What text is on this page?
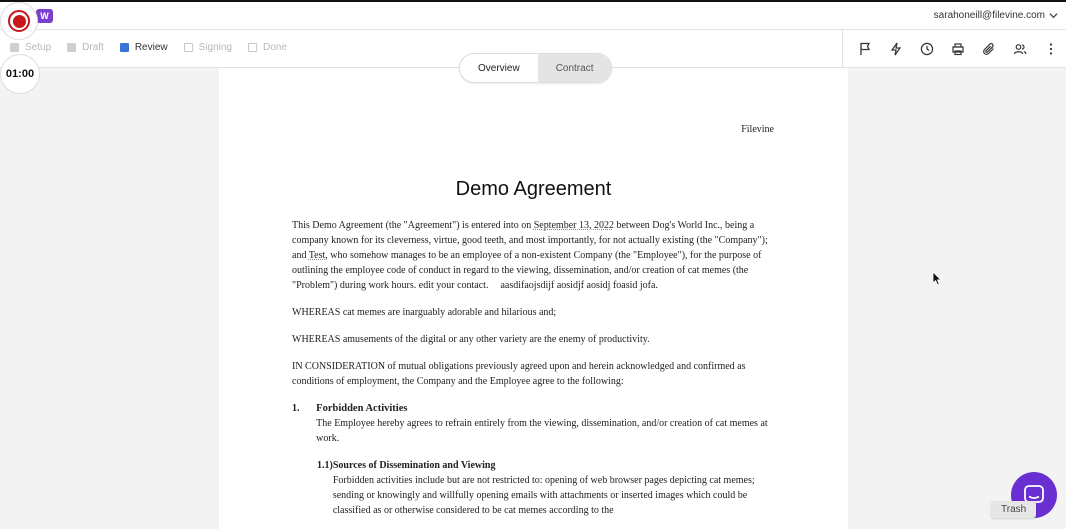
sarahoneill@filevine.com
Setup	Draft	Review	Signing	Done
W
01:00	Overview	Contract
Filevine
Demo Agreement

This Demo Agreement (the "Agreement") is entered into on September 13, 2022 between Dog's World Inc., being a company known for its cleverness, virtue, good teeth, and most importantly, for not actually existing (the "Company"); and Test, who somehow manages to be an employee of a non-existent Company (the "Employee"), for the purpose of outlining the employee code of conduct in regard to the viewing, dissemination, and/or creation of cat memes (the "Problem") during work hours. edit your contact. aasdifaojsdijf aosidjf aosidj foasid jofa.

WHEREAS cat memes are inarguably adorable and hilarious and;

WHEREAS amusements of the digital or any other variety are the enemy of productivity.

IN CONSIDERATION of mutual obligations previously agreed upon and herein acknowledged and confirmed as conditions of employment, the Company and the Employee agree to the following:

1.	Forbidden Activities
The Employee hereby agrees to refrain entirely from the viewing, dissemination, and/or creation of cat memes at work.
1.1) Sources of Dissemination and Viewing
Forbidden activities include but are not restricted to: opening of web browser pages depicting cat memes; sending or knowingly and willfully opening emails with attachments or inserted images which could be classified as or otherwise considered to be cat memes according to the	Trash
